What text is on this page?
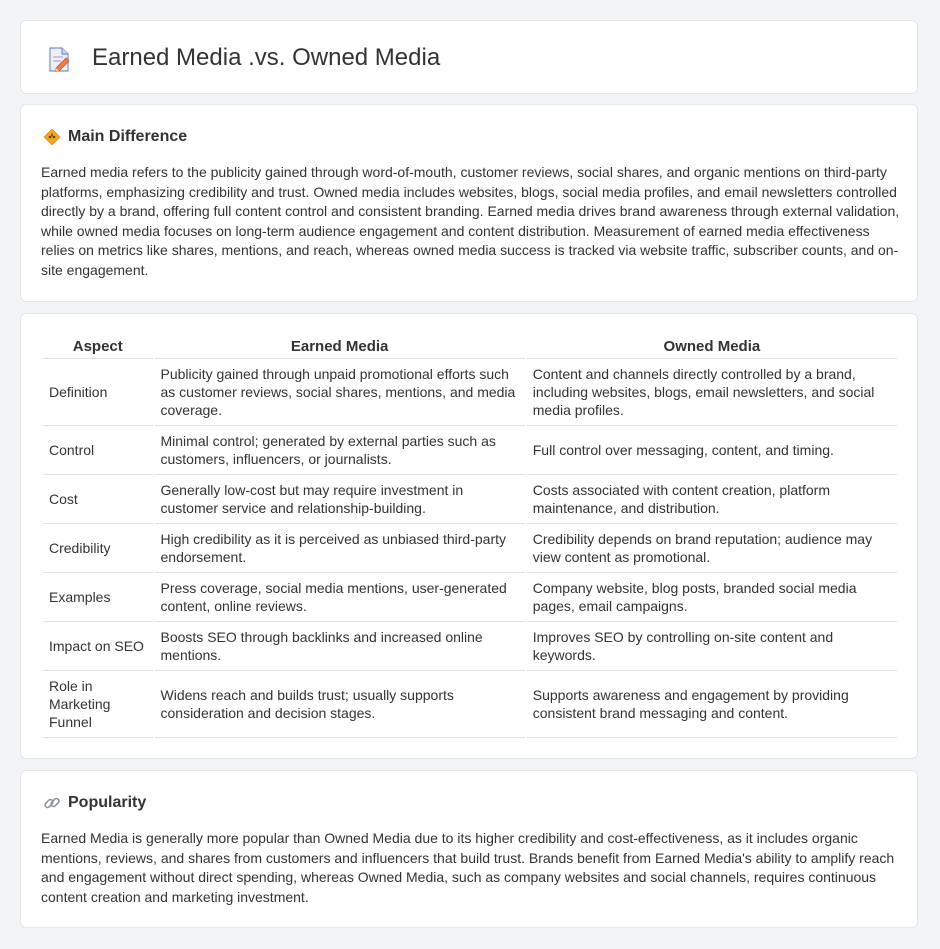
Earned Media .vs. Owned Media
Main Difference

Earned media refers to the publicity gained through word-of-mouth, customer reviews, social shares, and organic mentions on third-party platforms, emphasizing credibility and trust. Owned media includes websites, blogs, social media profiles, and email newsletters controlled directly by a brand, offering full content control and consistent branding. Earned media drives brand awareness through external validation, while owned media focuses on long-term audience engagement and content distribution. Measurement of earned media effectiveness relies on metrics like shares, mentions, and reach, whereas owned media success is tracked via website traffic, subscriber counts, and on-site engagement.

Aspect	Earned Media	Owned Media
Definition	Publicity gained through unpaid promotional efforts such as customer reviews, social shares, mentions, and media coverage.	Content and channels directly controlled by a brand, including websites, blogs, email newsletters, and social media profiles.
Control	Minimal control; generated by external parties such as customers, influencers, or journalists.	Full control over messaging, content, and timing.
Cost	Generally low-cost but may require investment in customer service and relationship-building.	Costs associated with content creation, platform maintenance, and distribution.
Credibility	High credibility as it is perceived as unbiased third-party endorsement.	Credibility depends on brand reputation; audience may view content as promotional.
Examples	Press coverage, social media mentions, user-generated content, online reviews.	Company website, blog posts, branded social media pages, email campaigns.
Impact on SEO	Boosts SEO through backlinks and increased online mentions.	Improves SEO by controlling on-site content and keywords.
Role in Marketing Funnel	Widens reach and builds trust; usually supports consideration and decision stages.	Supports awareness and engagement by providing consistent brand messaging and content.
Popularity

Earned Media is generally more popular than Owned Media due to its higher credibility and cost-effectiveness, as it includes organic mentions, reviews, and shares from customers and influencers that build trust. Brands benefit from Earned Media's ability to amplify reach and engagement without direct spending, whereas Owned Media, such as company websites and social channels, requires continuous content creation and marketing investment.
